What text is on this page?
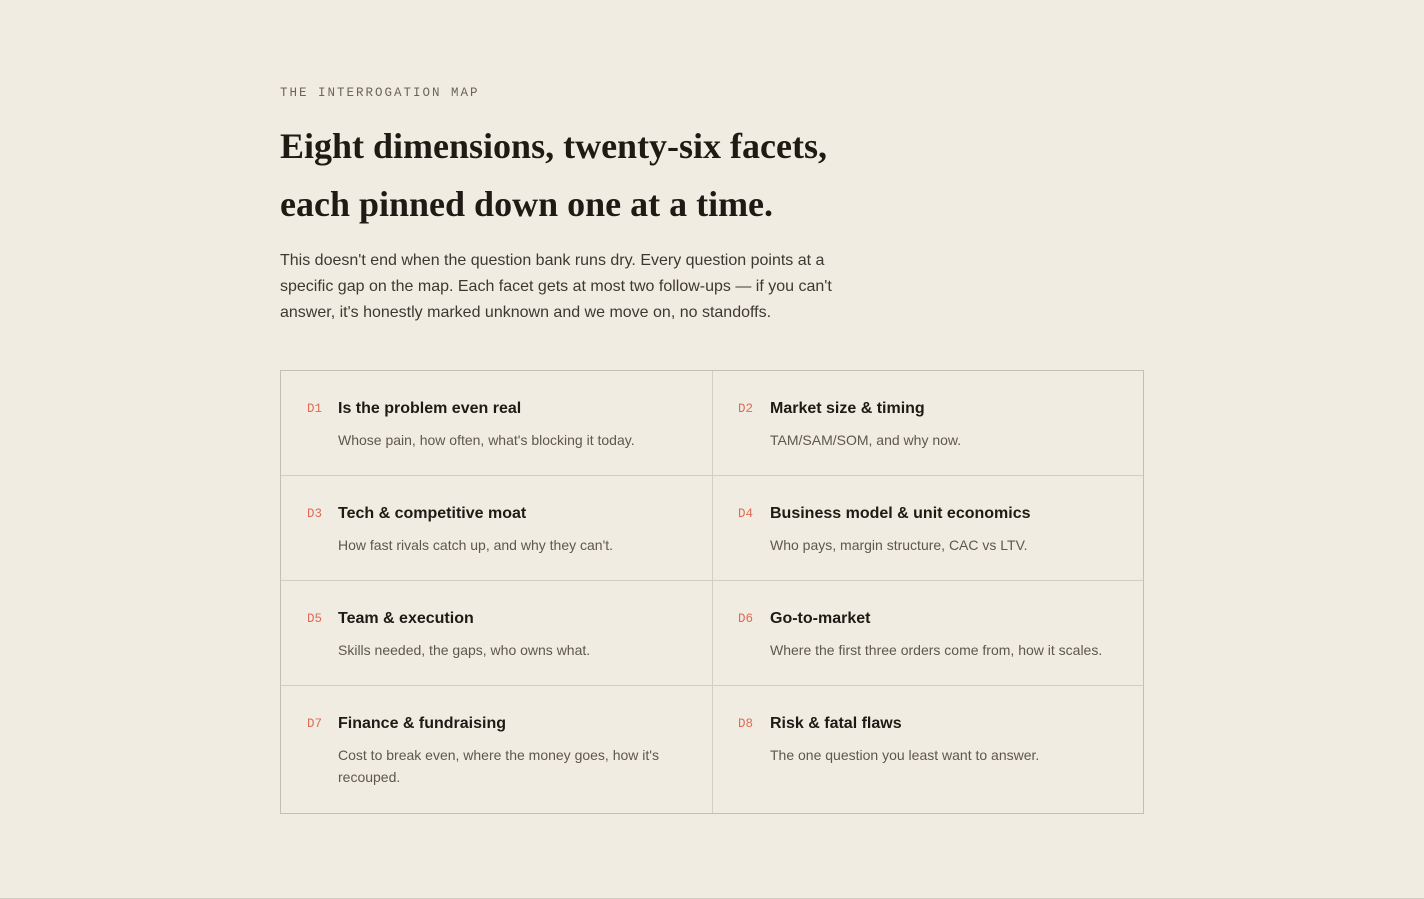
THE INTERROGATION MAP
Eight dimensions, twenty-six facets,
each pinned down one at a time.

This doesn't end when the question bank runs dry. Every question points at a specific gap on the map. Each facet gets at most two follow-ups — if you can't answer, it's honestly marked unknown and we move on, no standoffs.

D1 Is the problem even real

Whose pain, how often, what's blocking it today.

D2 Market size & timing

TAM/SAM/SOM, and why now.

D3 Tech & competitive moat

How fast rivals catch up, and why they can't.

D4 Business model & unit economics

Who pays, margin structure, CAC vs LTV.

D5 Team & execution

Skills needed, the gaps, who owns what.

D6 Go-to-market

Where the first three orders come from, how it scales.

D7 Finance & fundraising

Cost to break even, where the money goes, how it's recouped.

D8 Risk & fatal flaws

The one question you least want to answer.
